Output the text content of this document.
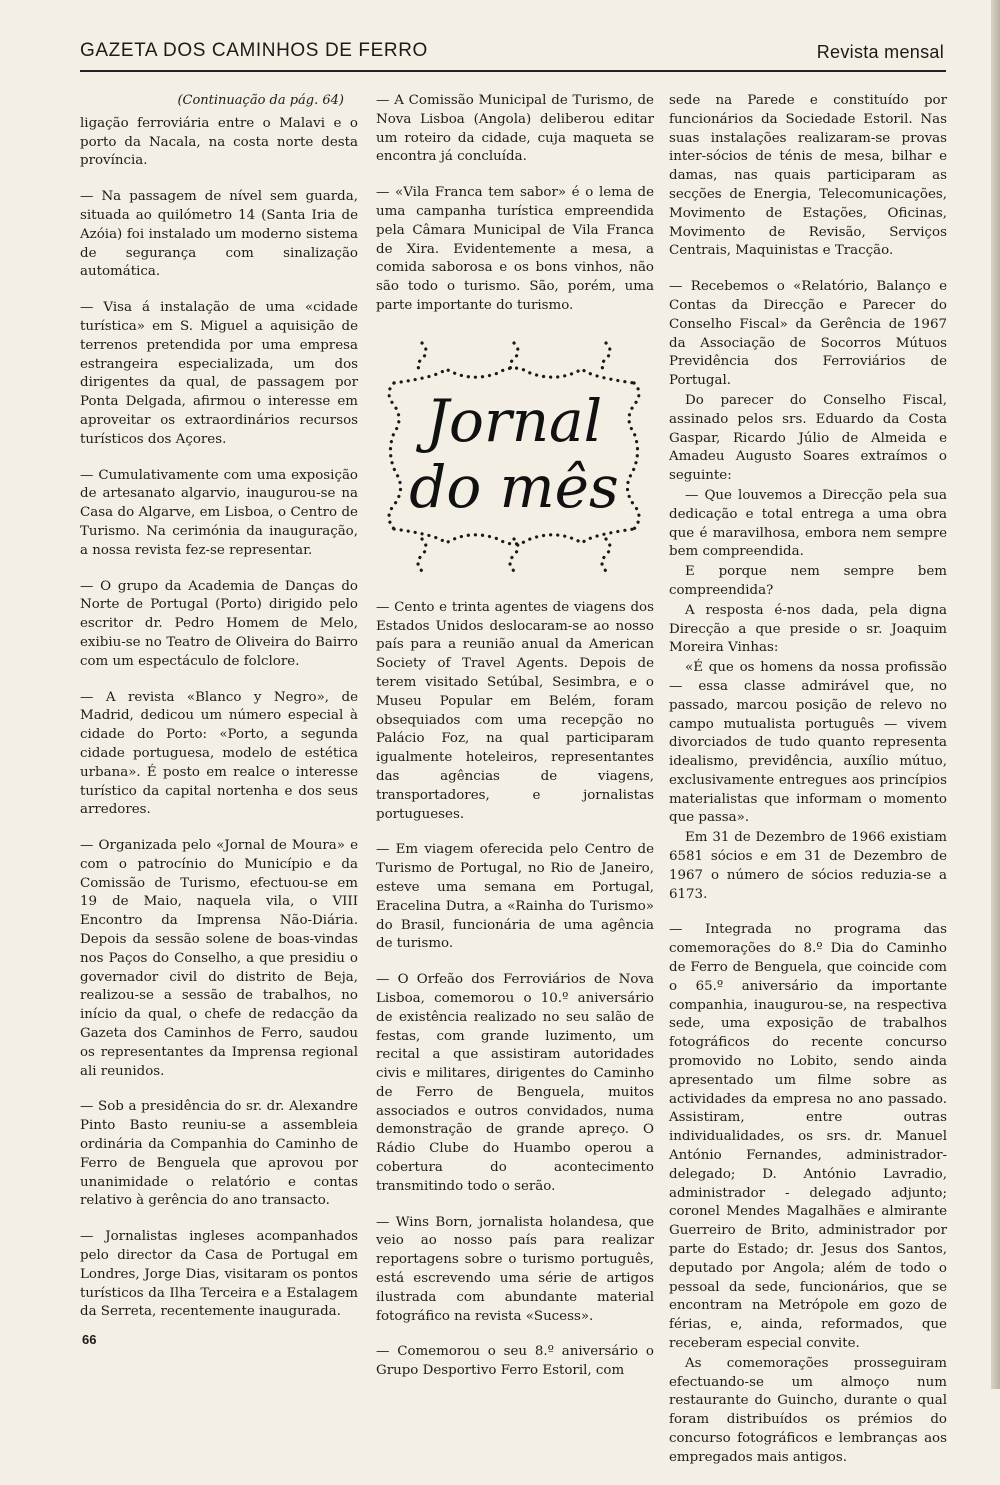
GAZETA DOS CAMINHOS DE FERRO	Revista mensal
(Continuação da pág. 64)

ligação ferroviária entre o Malavi e o porto da Nacala, na costa norte desta província.

— Na passagem de nível sem guarda, situada ao quilómetro 14 (Santa Iria de Azóia) foi instalado um moderno sistema de segurança com sinalização automática.

— Visa á instalação de uma «cidade turística» em S. Miguel a aquisição de terrenos pretendida por uma empresa estrangeira especializada, um dos dirigentes da qual, de passagem por Ponta Delgada, afirmou o interesse em aproveitar os extraordinários recursos turísticos dos Açores.

— Cumulativamente com uma exposição de artesanato algarvio, inaugurou-se na Casa do Algarve, em Lisboa, o Centro de Turismo. Na cerimónia da inauguração, a nossa revista fez-se representar.

— O grupo da Academia de Danças do Norte de Portugal (Porto) dirigido pelo escritor dr. Pedro Homem de Melo, exibiu-se no Teatro de Oliveira do Bairro com um espectáculo de folclore.

— A revista «Blanco y Negro», de Madrid, dedicou um número especial à cidade do Porto: «Porto, a segunda cidade portuguesa, modelo de estética urbana». É posto em realce o interesse turístico da capital nortenha e dos seus arredores.

— Organizada pelo «Jornal de Moura» e com o patrocínio do Município e da Comissão de Turismo, efectuou-se em 19 de Maio, naquela vila, o VIII Encontro da Imprensa Não-Diária. Depois da sessão solene de boas-vindas nos Paços do Conselho, a que presidiu o governador civil do distrito de Beja, realizou-se a sessão de trabalhos, no início da qual, o chefe de redacção da Gazeta dos Caminhos de Ferro, saudou os representantes da Imprensa regional ali reunidos.

— Sob a presidência do sr. dr. Alexandre Pinto Basto reuniu-se a assembleia ordinária da Companhia do Caminho de Ferro de Benguela que aprovou por unanimidade o relatório e contas relativo à gerência do ano transacto.

— Jornalistas ingleses acompanhados pelo director da Casa de Portugal em Londres, Jorge Dias, visitaram os pontos turísticos da Ilha Terceira e a Estalagem da Serreta, recentemente inaugurada.

— A Comissão Municipal de Turismo, de Nova Lisboa (Angola) deliberou editar um roteiro da cidade, cuja maqueta se encontra já concluída.

— «Vila Franca tem sabor» é o lema de uma campanha turística empreendida pela Câmara Municipal de Vila Franca de Xira. Evidentemente a mesa, a comida saborosa e os bons vinhos, não são todo o turismo. São, porém, uma parte importante do turismo.

Jornal
do mês

— Cento e trinta agentes de viagens dos Estados Unidos deslocaram-se ao nosso país para a reunião anual da American Society of Travel Agents. Depois de terem visitado Setúbal, Sesimbra, e o Museu Popular em Belém, foram obsequiados com uma recepção no Palácio Foz, na qual participaram igualmente hoteleiros, representantes das agências de viagens, transportadores, e jornalistas portugueses.

— Em viagem oferecida pelo Centro de Turismo de Portugal, no Rio de Janeiro, esteve uma semana em Portugal, Eracelina Dutra, a «Rainha do Turismo» do Brasil, funcionária de uma agência de turismo.

— O Orfeão dos Ferroviários de Nova Lisboa, comemorou o 10.º aniversário de existência realizado no seu salão de festas, com grande luzimento, um recital a que assistiram autoridades civis e militares, dirigentes do Caminho de Ferro de Benguela, muitos associados e outros convidados, numa demonstração de grande apreço. O Rádio Clube do Huambo operou a cobertura do acontecimento transmitindo todo o serão.

— Wins Born, jornalista holandesa, que veio ao nosso país para realizar reportagens sobre o turismo português, está escrevendo uma série de artigos ilustrada com abundante material fotográfico na revista «Sucess».

— Comemorou o seu 8.º aniversário o Grupo Desportivo Ferro Estoril, com

sede na Parede e constituído por funcionários da Sociedade Estoril. Nas suas instalações realizaram-se provas inter-sócios de ténis de mesa, bilhar e damas, nas quais participaram as secções de Energia, Telecomunicações, Movimento de Estações, Oficinas, Movimento de Revisão, Serviços Centrais, Maquinistas e Tracção.

— Recebemos o «Relatório, Balanço e Contas da Direcção e Parecer do Conselho Fiscal» da Gerência de 1967 da Associação de Socorros Mútuos Previdência dos Ferroviários de Portugal.

Do parecer do Conselho Fiscal, assinado pelos srs. Eduardo da Costa Gaspar, Ricardo Júlio de Almeida e Amadeu Augusto Soares extraímos o seguinte:

— Que louvemos a Direcção pela sua dedicação e total entrega a uma obra que é maravilhosa, embora nem sempre bem compreendida.

E porque nem sempre bem compreendida?

A resposta é-nos dada, pela digna Direcção a que preside o sr. Joaquim Moreira Vinhas:

«É que os homens da nossa profissão — essa classe admirável que, no passado, marcou posição de relevo no campo mutualista português — vivem divorciados de tudo quanto representa idealismo, previdência, auxílio mútuo, exclusivamente entregues aos princípios materialistas que informam o momento que passa».

Em 31 de Dezembro de 1966 existiam 6581 sócios e em 31 de Dezembro de 1967 o número de sócios reduzia-se a 6173.

— Integrada no programa das comemorações do 8.º Dia do Caminho de Ferro de Benguela, que coincide com o 65.º aniversário da importante companhia, inaugurou-se, na respectiva sede, uma exposição de trabalhos fotográficos do recente concurso promovido no Lobito, sendo ainda apresentado um filme sobre as actividades da empresa no ano passado. Assistiram, entre outras individualidades, os srs. dr. Manuel António Fernandes, administrador-delegado; D. António Lavradio, administrador - delegado adjunto; coronel Mendes Magalhães e almirante Guerreiro de Brito, administrador por parte do Estado; dr. Jesus dos Santos, deputado por Angola; além de todo o pessoal da sede, funcionários, que se encontram na Metrópole em gozo de férias, e, ainda, reformados, que receberam especial convite.

As comemorações prosseguiram efectuando-se um almoço num restaurante do Guincho, durante o qual foram distribuídos os prémios do concurso fotográficos e lembranças aos empregados mais antigos.

66
